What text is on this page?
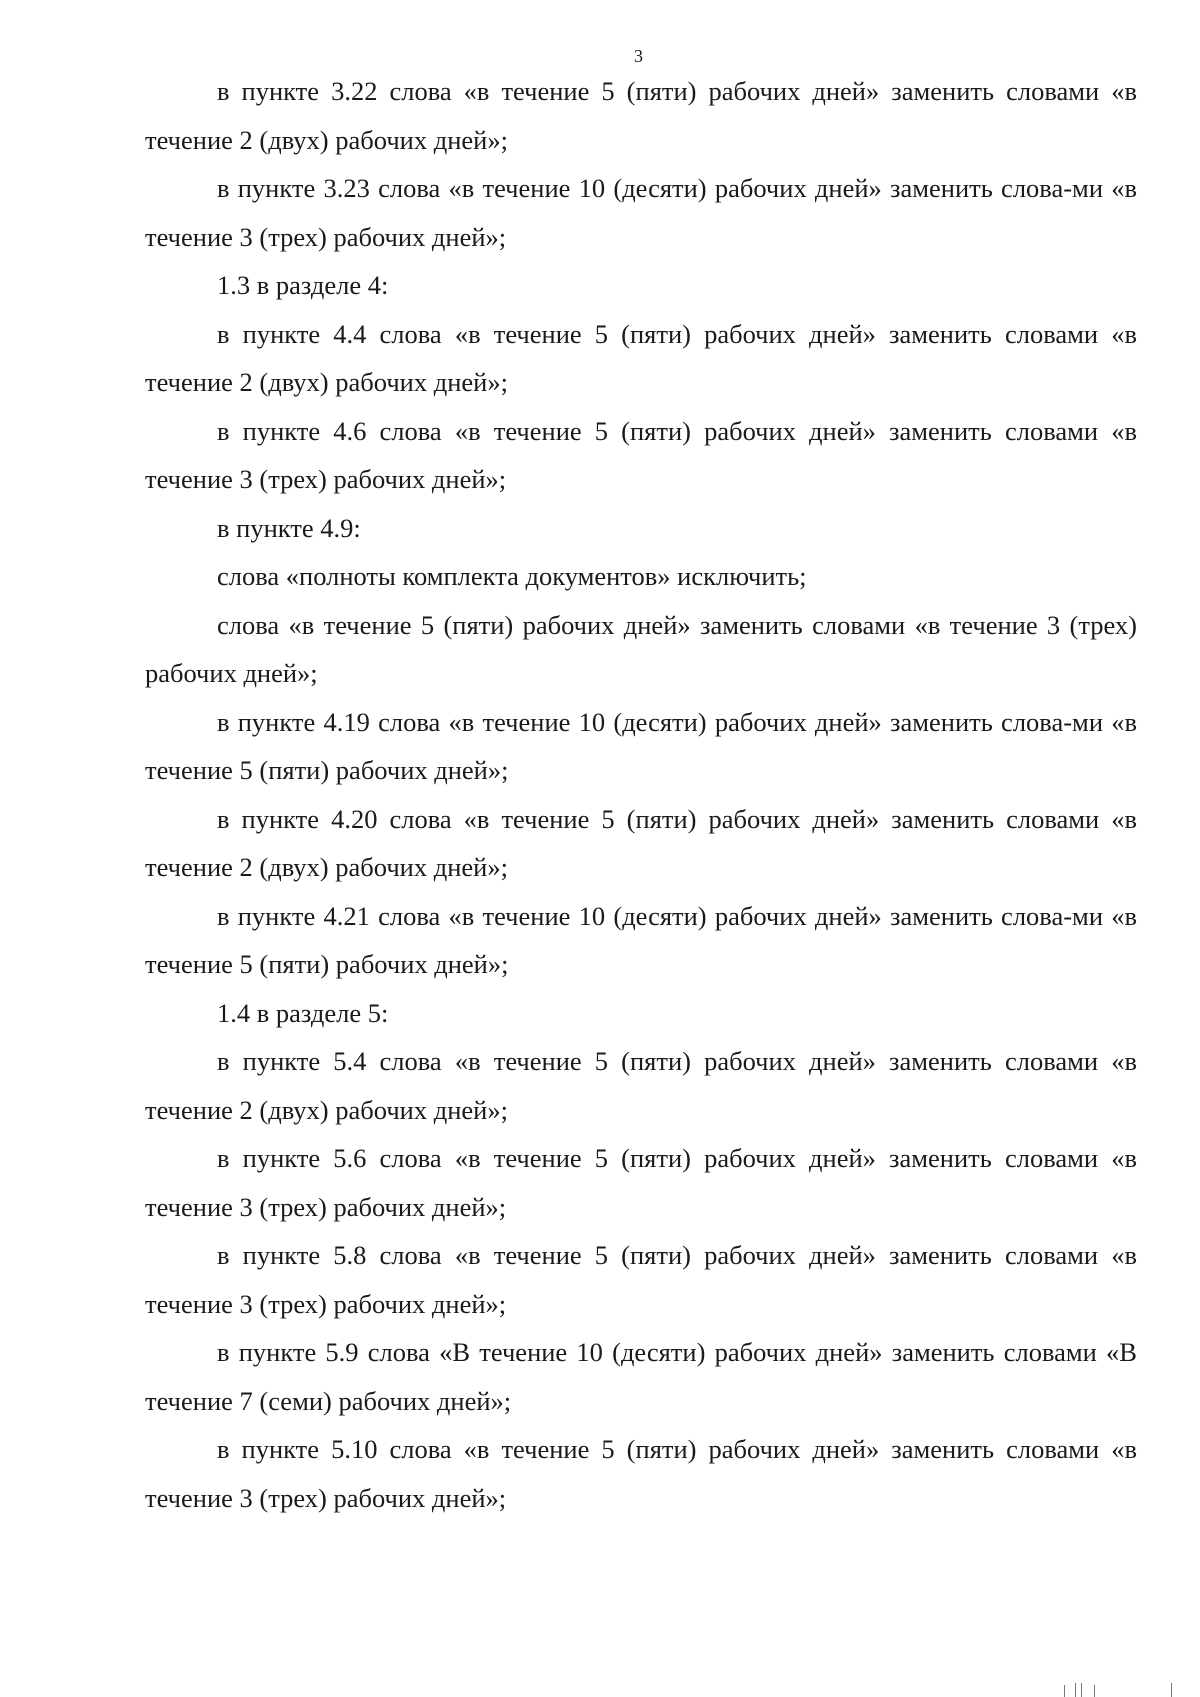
3

в пункте 3.22 слова «в течение 5 (пяти) рабочих дней» заменить словами «в течение 2 (двух) рабочих дней»;

в пункте 3.23 слова «в течение 10 (десяти) рабочих дней» заменить слова-ми «в течение 3 (трех) рабочих дней»;

1.3 в разделе 4:

в пункте 4.4 слова «в течение 5 (пяти) рабочих дней» заменить словами «в течение 2 (двух) рабочих дней»;

в пункте 4.6 слова «в течение 5 (пяти) рабочих дней» заменить словами «в течение 3 (трех) рабочих дней»;

в пункте 4.9:

слова «полноты комплекта документов» исключить;

слова «в течение 5 (пяти) рабочих дней» заменить словами «в течение 3 (трех) рабочих дней»;

в пункте 4.19 слова «в течение 10 (десяти) рабочих дней» заменить слова-ми «в течение 5 (пяти) рабочих дней»;

в пункте 4.20 слова «в течение 5 (пяти) рабочих дней» заменить словами «в течение 2 (двух) рабочих дней»;

в пункте 4.21 слова «в течение 10 (десяти) рабочих дней» заменить слова-ми «в течение 5 (пяти) рабочих дней»;

1.4 в разделе 5:

в пункте 5.4 слова «в течение 5 (пяти) рабочих дней» заменить словами «в течение 2 (двух) рабочих дней»;

в пункте 5.6 слова «в течение 5 (пяти) рабочих дней» заменить словами «в течение 3 (трех) рабочих дней»;

в пункте 5.8 слова «в течение 5 (пяти) рабочих дней» заменить словами «в течение 3 (трех) рабочих дней»;

в пункте 5.9 слова «В течение 10 (десяти) рабочих дней» заменить словами «В течение 7 (семи) рабочих дней»;

в пункте 5.10 слова «в течение 5 (пяти) рабочих дней» заменить словами «в течение 3 (трех) рабочих дней»;
